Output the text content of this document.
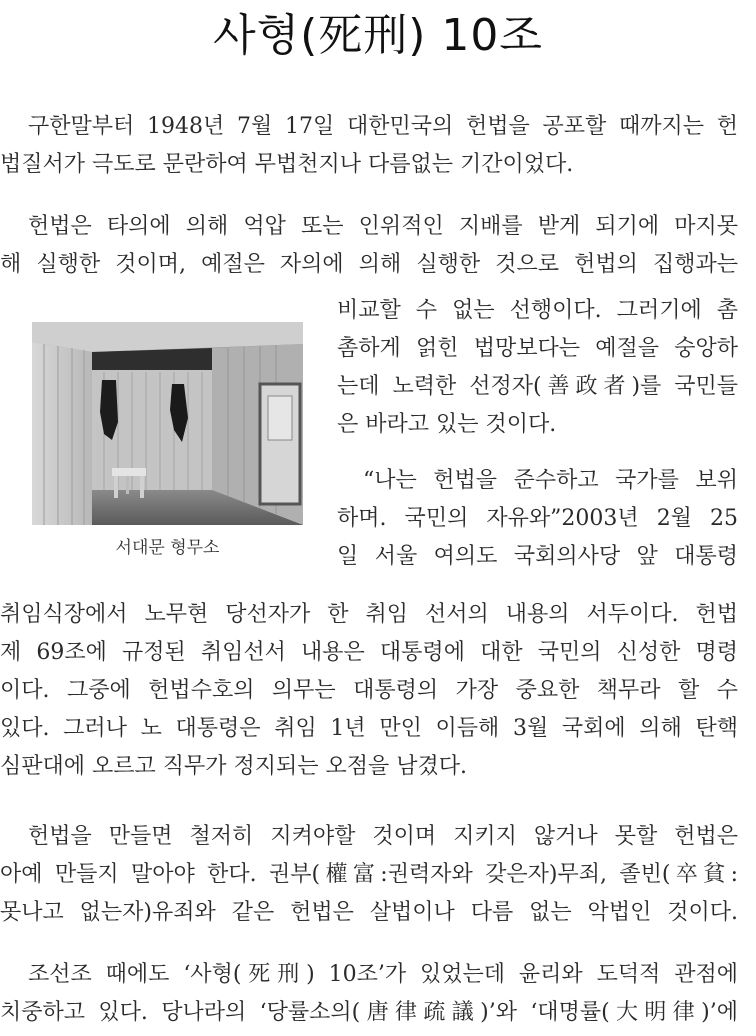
사형(死刑) 10조
구한말부터 1948년 7월 17일 대한민국의 헌법을 공포할 때까지는 헌
법질서가 극도로 문란하여 무법천지나 다름없는 기간이었다.
헌법은 타의에 의해 억압 또는 인위적인 지배를 받게 되기에 마지못
해 실행한 것이며, 예절은 자의에 의해 실행한 것으로 헌법의 집행과는
서대문 형무소
비교할 수 없는 선행이다. 그러기에 촘
촘하게 얽힌 법망보다는 예절을 숭앙하
는데 노력한 선정자(善政者)를 국민들
은 바라고 있는 것이다.
“나는 헌법을 준수하고 국가를 보위
하며. 국민의 자유와”2003년 2월 25
일 서울 여의도 국회의사당 앞 대통령
취임식장에서 노무현 당선자가 한 취임 선서의 내용의 서두이다. 헌법
제 69조에 규정된 취임선서 내용은 대통령에 대한 국민의 신성한 명령
이다. 그중에 헌법수호의 의무는 대통령의 가장 중요한 책무라 할 수
있다. 그러나 노 대통령은 취임 1년 만인 이듬해 3월 국회에 의해 탄핵
심판대에 오르고 직무가 정지되는 오점을 남겼다.
헌법을 만들면 철저히 지켜야할 것이며 지키지 않거나 못할 헌법은
아예 만들지 말아야 한다. 권부(權富:권력자와 갖은자)무죄, 졸빈(卒貧:
못나고 없는자)유죄와 같은 헌법은 살법이나 다름 없는 악법인 것이다.
조선조 때에도 ‘사형(死刑) 10조’가 있었는데 윤리와 도덕적 관점에
치중하고 있다. 당나라의 ‘당률소의(唐律疏議)’와 ‘대명률(大明律)’에
